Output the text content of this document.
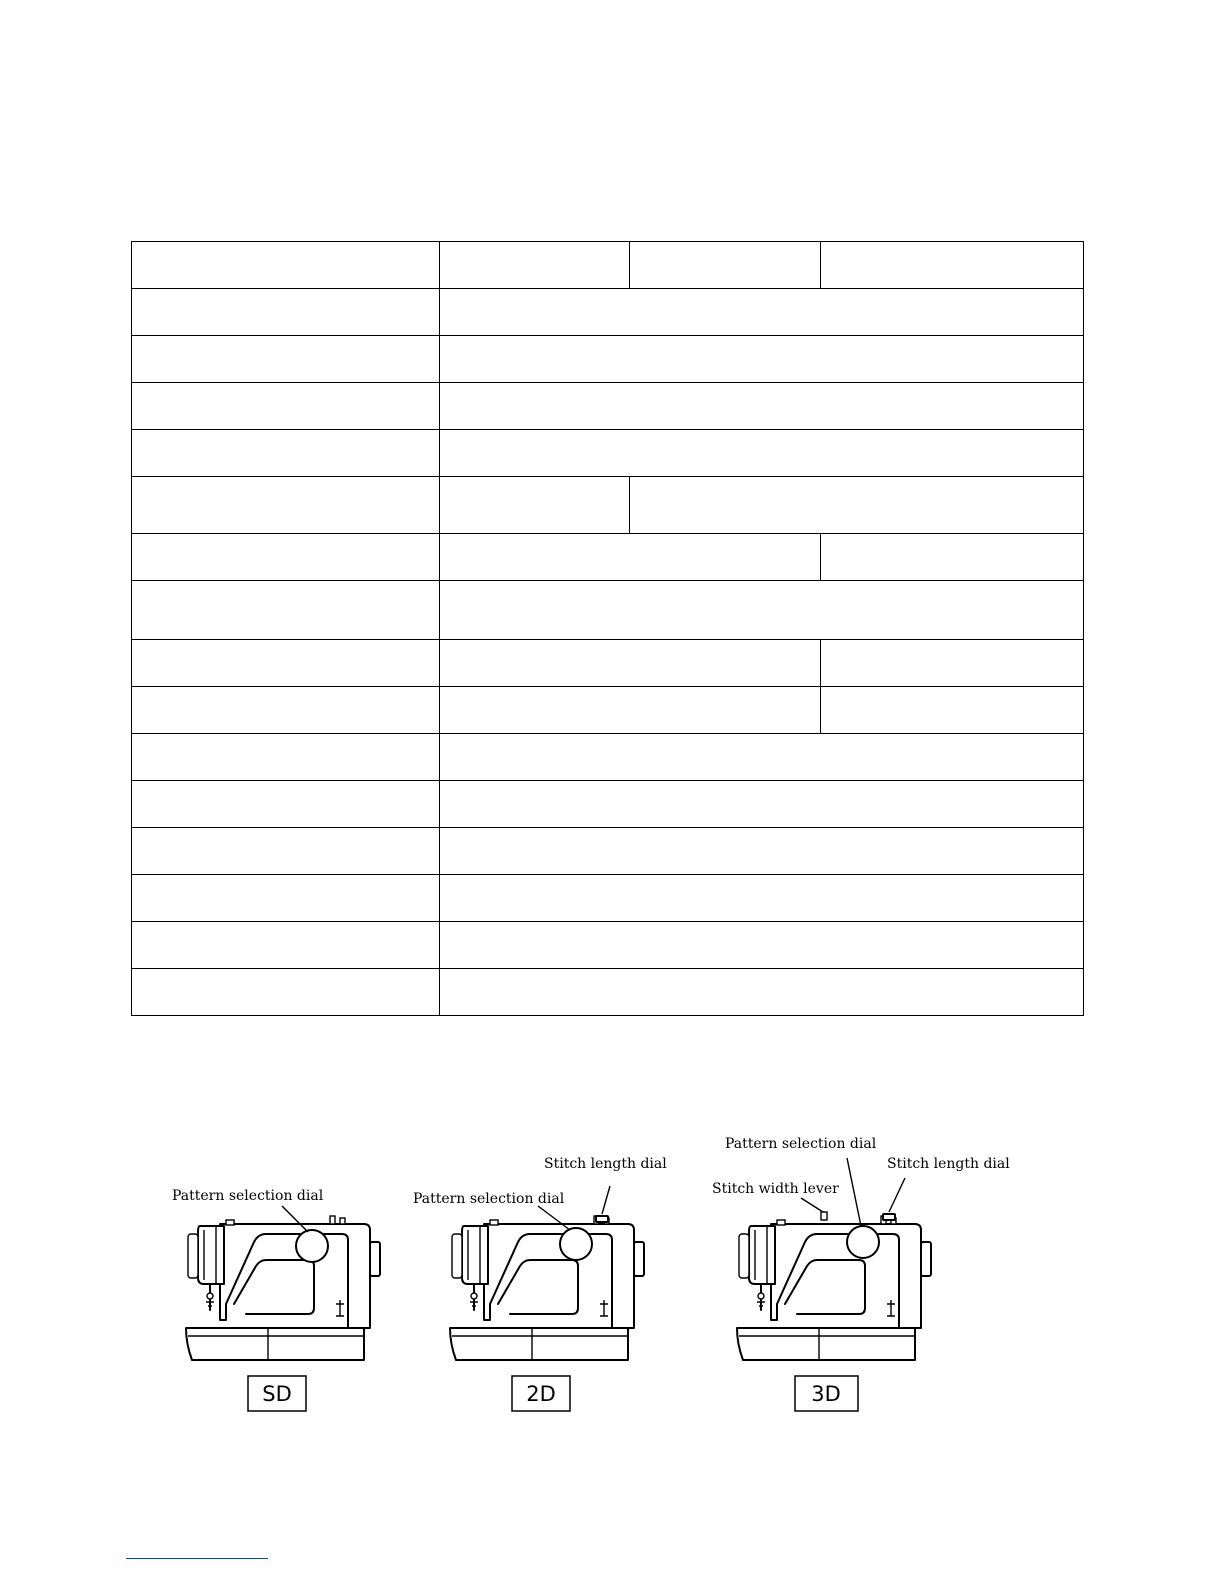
Pattern selection dial
SD
Pattern selection dial
Stitch length dial
2D
Pattern selection dial
Stitch length dial
Stitch width lever
3D
